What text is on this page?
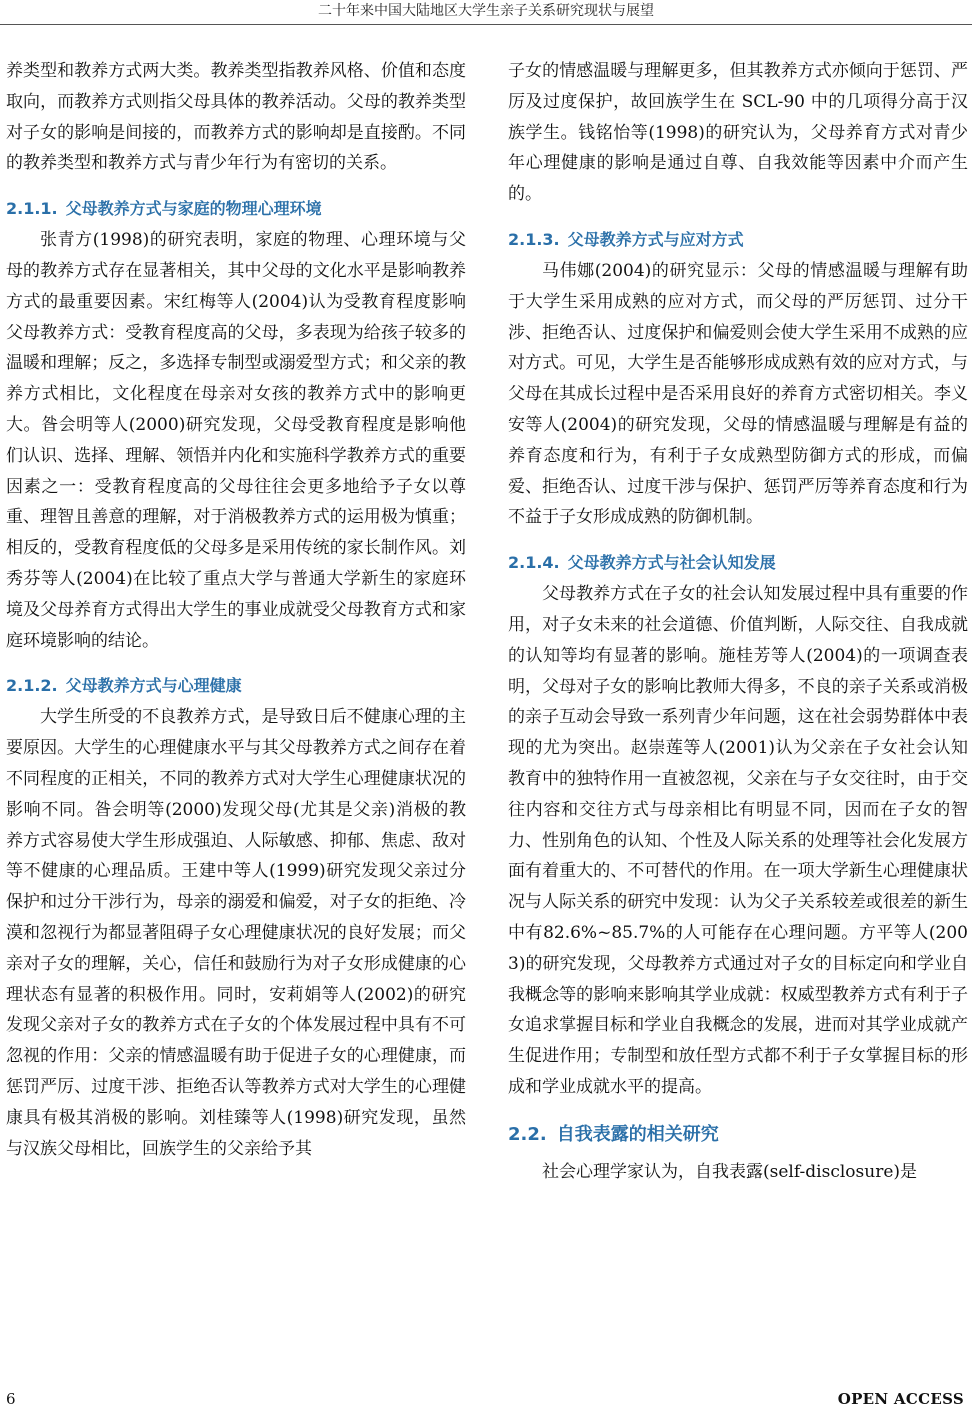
二十年来中国大陆地区大学生亲子关系研究现状与展望

养类型和教养方式两大类。教养类型指教养风格、价值和态度取向，而教养方式则指父母具体的教养活动。父母的教养类型对子女的影响是间接的，而教养方式的影响却是直接酌。不同的教养类型和教养方式与青少年行为有密切的关系。

2.1.1. 父母教养方式与家庭的物理心理环境

张青方(1998)的研究表明，家庭的物理、心理环境与父母的教养方式存在显著相关，其中父母的文化水平是影响教养方式的最重要因素。宋红梅等人(2004)认为受教育程度影响父母教养方式：受教育程度高的父母，多表现为给孩子较多的温暖和理解；反之，多选择专制型或溺爱型方式；和父亲的教养方式相比，文化程度在母亲对女孩的教养方式中的影响更大。昝会明等人(2000)研究发现，父母受教育程度是影响他们认识、选择、理解、领悟并内化和实施科学教养方式的重要因素之一：受教育程度高的父母往往会更多地给予子女以尊重、理智且善意的理解，对于消极教养方式的运用极为慎重；相反的，受教育程度低的父母多是采用传统的家长制作风。刘秀芬等人(2004)在比较了重点大学与普通大学新生的家庭环境及父母养育方式得出大学生的事业成就受父母教育方式和家庭环境影响的结论。

2.1.2. 父母教养方式与心理健康

大学生所受的不良教养方式，是导致日后不健康心理的主要原因。大学生的心理健康水平与其父母教养方式之间存在着不同程度的正相关，不同的教养方式对大学生心理健康状况的影响不同。昝会明等(2000)发现父母(尤其是父亲)消极的教养方式容易使大学生形成强迫、人际敏感、抑郁、焦虑、敌对等不健康的心理品质。王建中等人(1999)研究发现父亲过分保护和过分干涉行为，母亲的溺爱和偏爱，对子女的拒绝、冷漠和忽视行为都显著阻碍子女心理健康状况的良好发展；而父亲对子女的理解，关心，信任和鼓励行为对子女形成健康的心理状态有显著的积极作用。同时，安莉娟等人(2002)的研究发现父亲对子女的教养方式在子女的个体发展过程中具有不可忽视的作用：父亲的情感温暖有助于促进子女的心理健康，而惩罚严厉、过度干涉、拒绝否认等教养方式对大学生的心理健康具有极其消极的影响。刘桂臻等人(1998)研究发现，虽然与汉族父母相比，回族学生的父亲给予其

子女的情感温暖与理解更多，但其教养方式亦倾向于惩罚、严厉及过度保护，故回族学生在 SCL-90 中的几项得分高于汉族学生。钱铭怡等(1998)的研究认为，父母养育方式对青少年心理健康的影响是通过自尊、自我效能等因素中介而产生的。

2.1.3. 父母教养方式与应对方式

马伟娜(2004)的研究显示：父母的情感温暖与理解有助于大学生采用成熟的应对方式，而父母的严厉惩罚、过分干涉、拒绝否认、过度保护和偏爱则会使大学生采用不成熟的应对方式。可见，大学生是否能够形成成熟有效的应对方式，与父母在其成长过程中是否采用良好的养育方式密切相关。李义安等人(2004)的研究发现，父母的情感温暖与理解是有益的养育态度和行为，有利于子女成熟型防御方式的形成，而偏爱、拒绝否认、过度干涉与保护、惩罚严厉等养育态度和行为不益于子女形成成熟的防御机制。

2.1.4. 父母教养方式与社会认知发展

父母教养方式在子女的社会认知发展过程中具有重要的作用，对子女未来的社会道德、价值判断，人际交往、自我成就的认知等均有显著的影响。施桂芳等人(2004)的一项调查表明，父母对子女的影响比教师大得多，不良的亲子关系或消极的亲子互动会导致一系列青少年问题，这在社会弱势群体中表现的尤为突出。赵崇莲等人(2001)认为父亲在子女社会认知教育中的独特作用一直被忽视，父亲在与子女交往时，由于交往内容和交往方式与母亲相比有明显不同，因而在子女的智力、性别角色的认知、个性及人际关系的处理等社会化发展方面有着重大的、不可替代的作用。在一项大学新生心理健康状况与人际关系的研究中发现：认为父子关系较差或很差的新生中有82.6%~85.7%的人可能存在心理问题。方平等人(2003)的研究发现，父母教养方式通过对子女的目标定向和学业自我概念等的影响来影响其学业成就：权威型教养方式有利于子女追求掌握目标和学业自我概念的发展，进而对其学业成就产生促进作用；专制型和放任型方式都不利于子女掌握目标的形成和学业成就水平的提高。

2.2. 自我表露的相关研究

社会心理学家认为，自我表露(self-disclosure)是

6	OPEN ACCESS
